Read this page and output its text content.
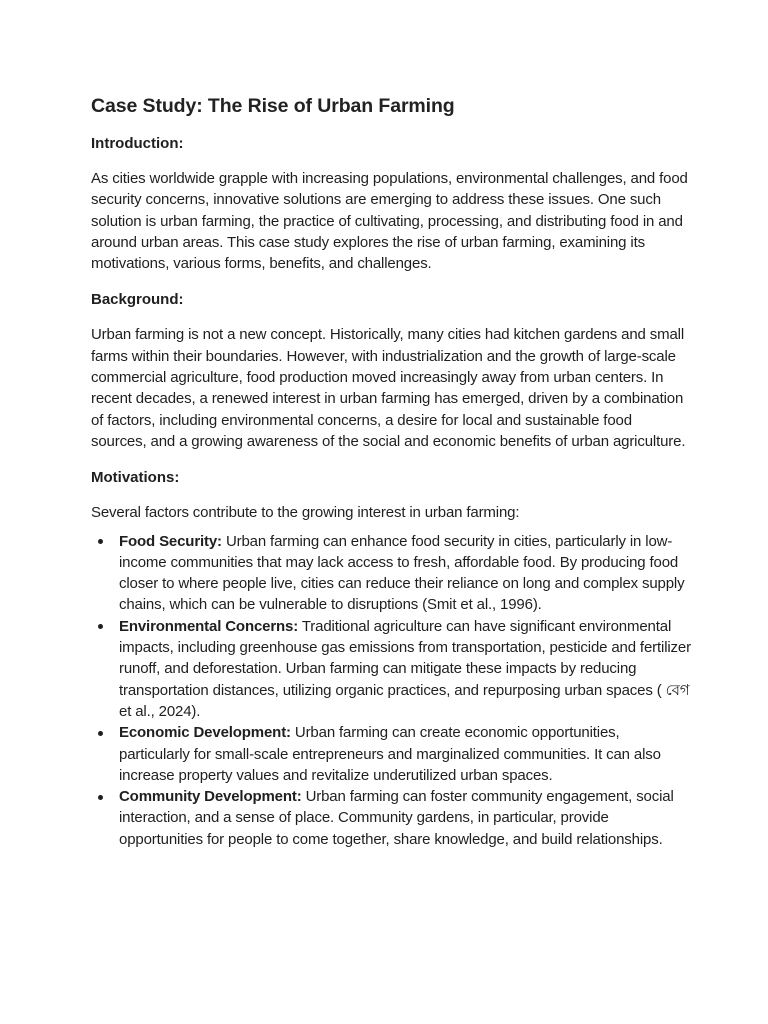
Case Study: The Rise of Urban Farming
Introduction:

As cities worldwide grapple with increasing populations, environmental challenges, and food security concerns, innovative solutions are emerging to address these issues. One such solution is urban farming, the practice of cultivating, processing, and distributing food in and around urban areas. This case study explores the rise of urban farming, examining its motivations, various forms, benefits, and challenges.

Background:

Urban farming is not a new concept. Historically, many cities had kitchen gardens and small farms within their boundaries. However, with industrialization and the growth of large-scale commercial agriculture, food production moved increasingly away from urban centers. In recent decades, a renewed interest in urban farming has emerged, driven by a combination of factors, including environmental concerns, a desire for local and sustainable food sources, and a growing awareness of the social and economic benefits of urban agriculture.

Motivations:

Several factors contribute to the growing interest in urban farming:

Food Security: Urban farming can enhance food security in cities, particularly in low-income communities that may lack access to fresh, affordable food. By producing food closer to where people live, cities can reduce their reliance on long and complex supply chains, which can be vulnerable to disruptions (Smit et al., 1996).
Environmental Concerns: Traditional agriculture can have significant environmental impacts, including greenhouse gas emissions from transportation, pesticide and fertilizer runoff, and deforestation. Urban farming can mitigate these impacts by reducing transportation distances, utilizing organic practices, and repurposing urban spaces ( বেগ et al., 2024).
Economic Development: Urban farming can create economic opportunities, particularly for small-scale entrepreneurs and marginalized communities. It can also increase property values and revitalize underutilized urban spaces.
Community Development: Urban farming can foster community engagement, social interaction, and a sense of place. Community gardens, in particular, provide opportunities for people to come together, share knowledge, and build relationships.
